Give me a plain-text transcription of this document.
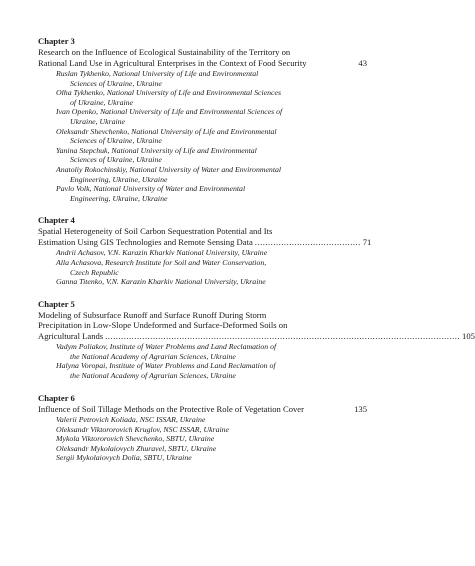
Chapter 3
Research on the Influence of Ecological Sustainability of the Territory on
Rational Land Use in Agricultural Enterprises in the Context of Food Security	43
Ruslan Tykhenko, National University of Life and Environmental
Sciences of Ukraine, Ukraine
Olha Tykhenko, National University of Life and Environmental Sciences
of Ukraine, Ukraine
Ivan Openko, National University of Life and Environmental Sciences of
Ukraine, Ukraine
Oleksandr Shevchenko, National University of Life and Environmental
Sciences of Ukraine, Ukraine
Yanina Stepchuk, National University of Life and Environmental
Sciences of Ukraine, Ukraine
Anatoliy Rokochinskiy, National University of Water and Environmental
Engineering, Ukraine, Ukraine
Pavlo Volk, National University of Water and Environmental
Engineering, Ukraine, Ukraine
Chapter 4
Spatial Heterogeneity of Soil Carbon Sequestration Potential and Its
Estimation Using GIS Technologies and Remote Sensing Data ........................................ 71
Andrii Achasov, V.N. Karazin Kharkiv National University, Ukraine
Alla Achasova, Research Institute for Soil and Water Conservation,
Czech Republic
Ganna Titenko, V.N. Karazin Kharkiv National University, Ukraine
Chapter 5
Modeling of Subsurface Runoff and Surface Runoff During Storm
Precipitation in Low-Slope Undeformed and Surface-Deformed Soils on
Agricultural Lands ...................................................................................................................................... 105
Vadym Poliakov, Institute of Water Problems and Land Reclamation of
the National Academy of Agrarian Sciences, Ukraine
Halyna Voropai, Institute of Water Problems and Land Reclamation of
the National Academy of Agrarian Sciences, Ukraine
Chapter 6
Influence of Soil Tillage Methods on the Protective Role of Vegetation Cover	135
Valerii Petrovich Koliada, NSC ISSAR, Ukraine
Oleksandr Viktororovich Kruglov, NSC ISSAR, Ukraine
Mykola Viktororovich Shevchenko, SBTU, Ukraine
Oleksandr Mykolaiovych Zhuravel, SBTU, Ukraine
Sergii Mykolaiovych Dolia, SBTU, Ukraine
